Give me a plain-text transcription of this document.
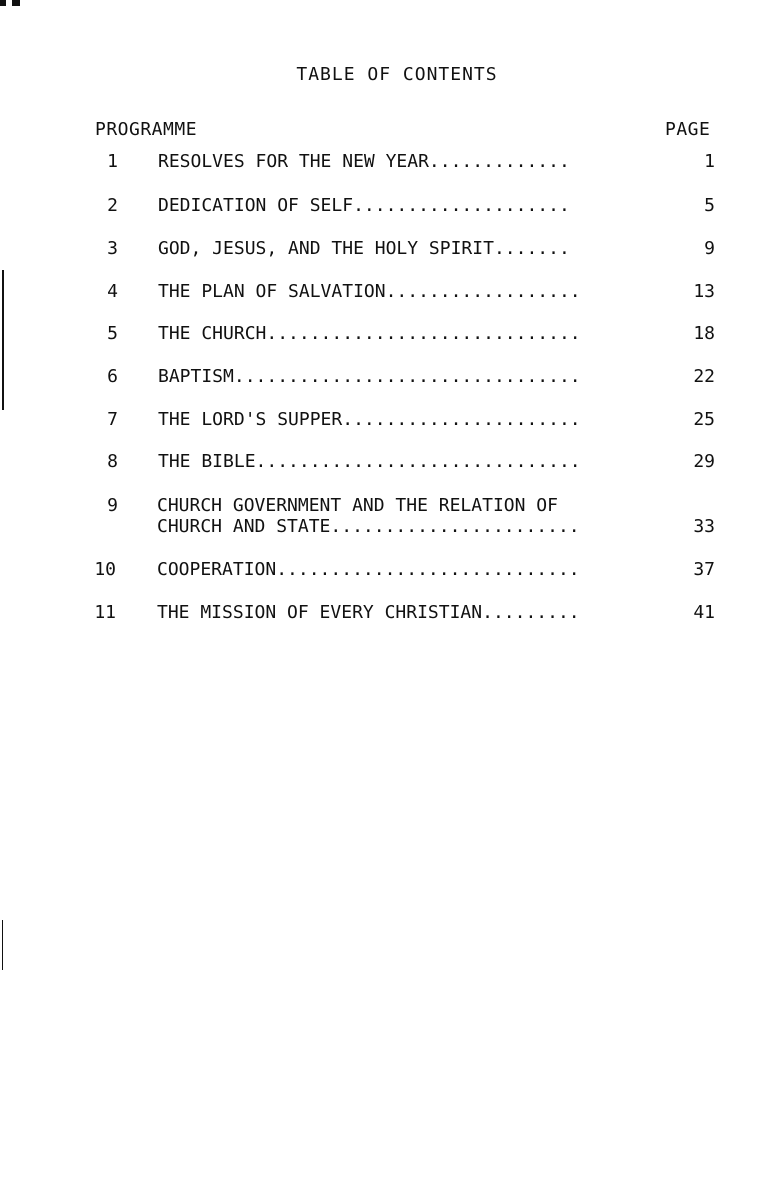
TABLE OF CONTENTS
PROGRAMME	PAGE
1 RESOLVES FOR THE NEW YEAR.............	1
2 DEDICATION OF SELF....................	5
3 GOD, JESUS, AND THE HOLY SPIRIT.......	9
4 THE PLAN OF SALVATION..................	13
5 THE CHURCH.............................	18
6 BAPTISM................................	22
7 THE LORD'S SUPPER......................	25
8 THE BIBLE..............................	29
9 CHURCH GOVERNMENT AND THE RELATION OF
CHURCH AND STATE.......................	33
10 COOPERATION............................	37
11 THE MISSION OF EVERY CHRISTIAN.........	41
